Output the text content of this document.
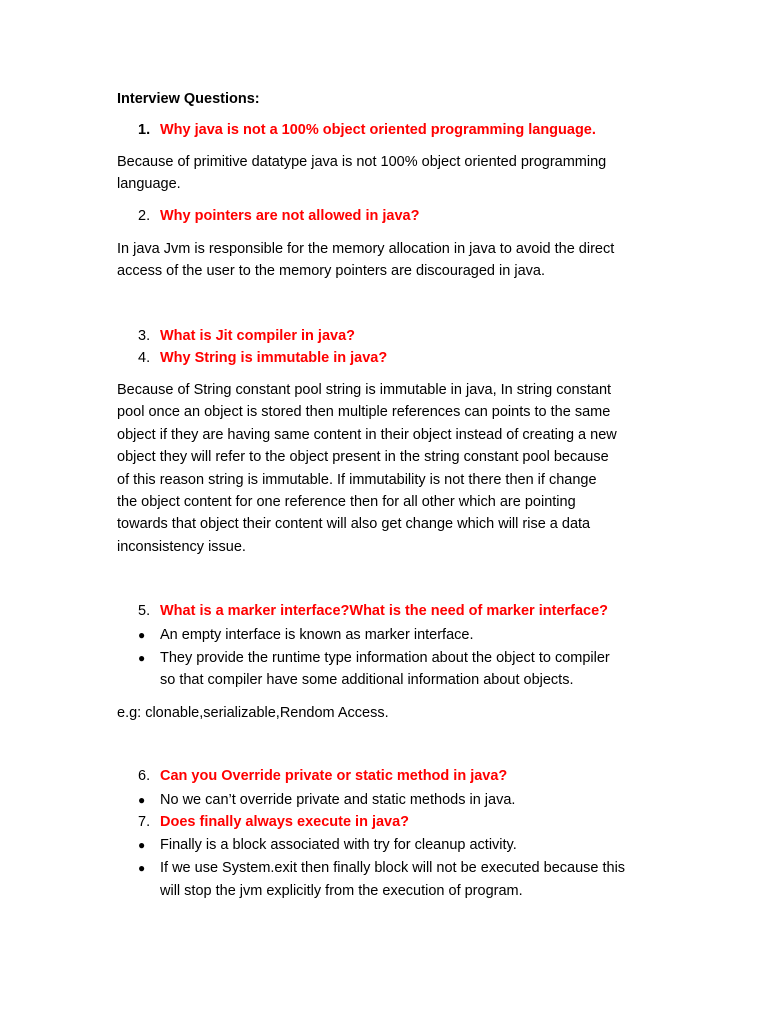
Interview Questions:
1. Why java is not a 100% object oriented programming language.
Because of primitive datatype java is not 100% object oriented programming
language.
2. Why pointers are not allowed in java?
In java Jvm is responsible for the memory allocation in java to avoid the direct
access of the user to the memory pointers are discouraged in java.
3. What is Jit compiler in java?
4. Why String is immutable in java?
Because of String constant pool string is immutable in java, In string constant
pool once an object is stored then multiple references can points to the same
object if they are having same content in their object instead of creating a new
object they will refer to the object present in the string constant pool because
of this reason string is immutable. If immutability is not there then if change
the object content for one reference then for all other which are pointing
towards that object their content will also get change which will rise a data
inconsistency issue.
5. What is a marker interface?What is the need of marker interface?
● An empty interface is known as marker interface.
● They provide the runtime type information about the object to compiler
so that compiler have some additional information about objects.
e.g: clonable,serializable,Rendom Access.
6. Can you Override private or static method in java?
● No we can’t override private and static methods in java.
7. Does finally always execute in java?
● Finally is a block associated with try for cleanup activity.
● If we use System.exit then finally block will not be executed because this
will stop the jvm explicitly from the execution of program.
